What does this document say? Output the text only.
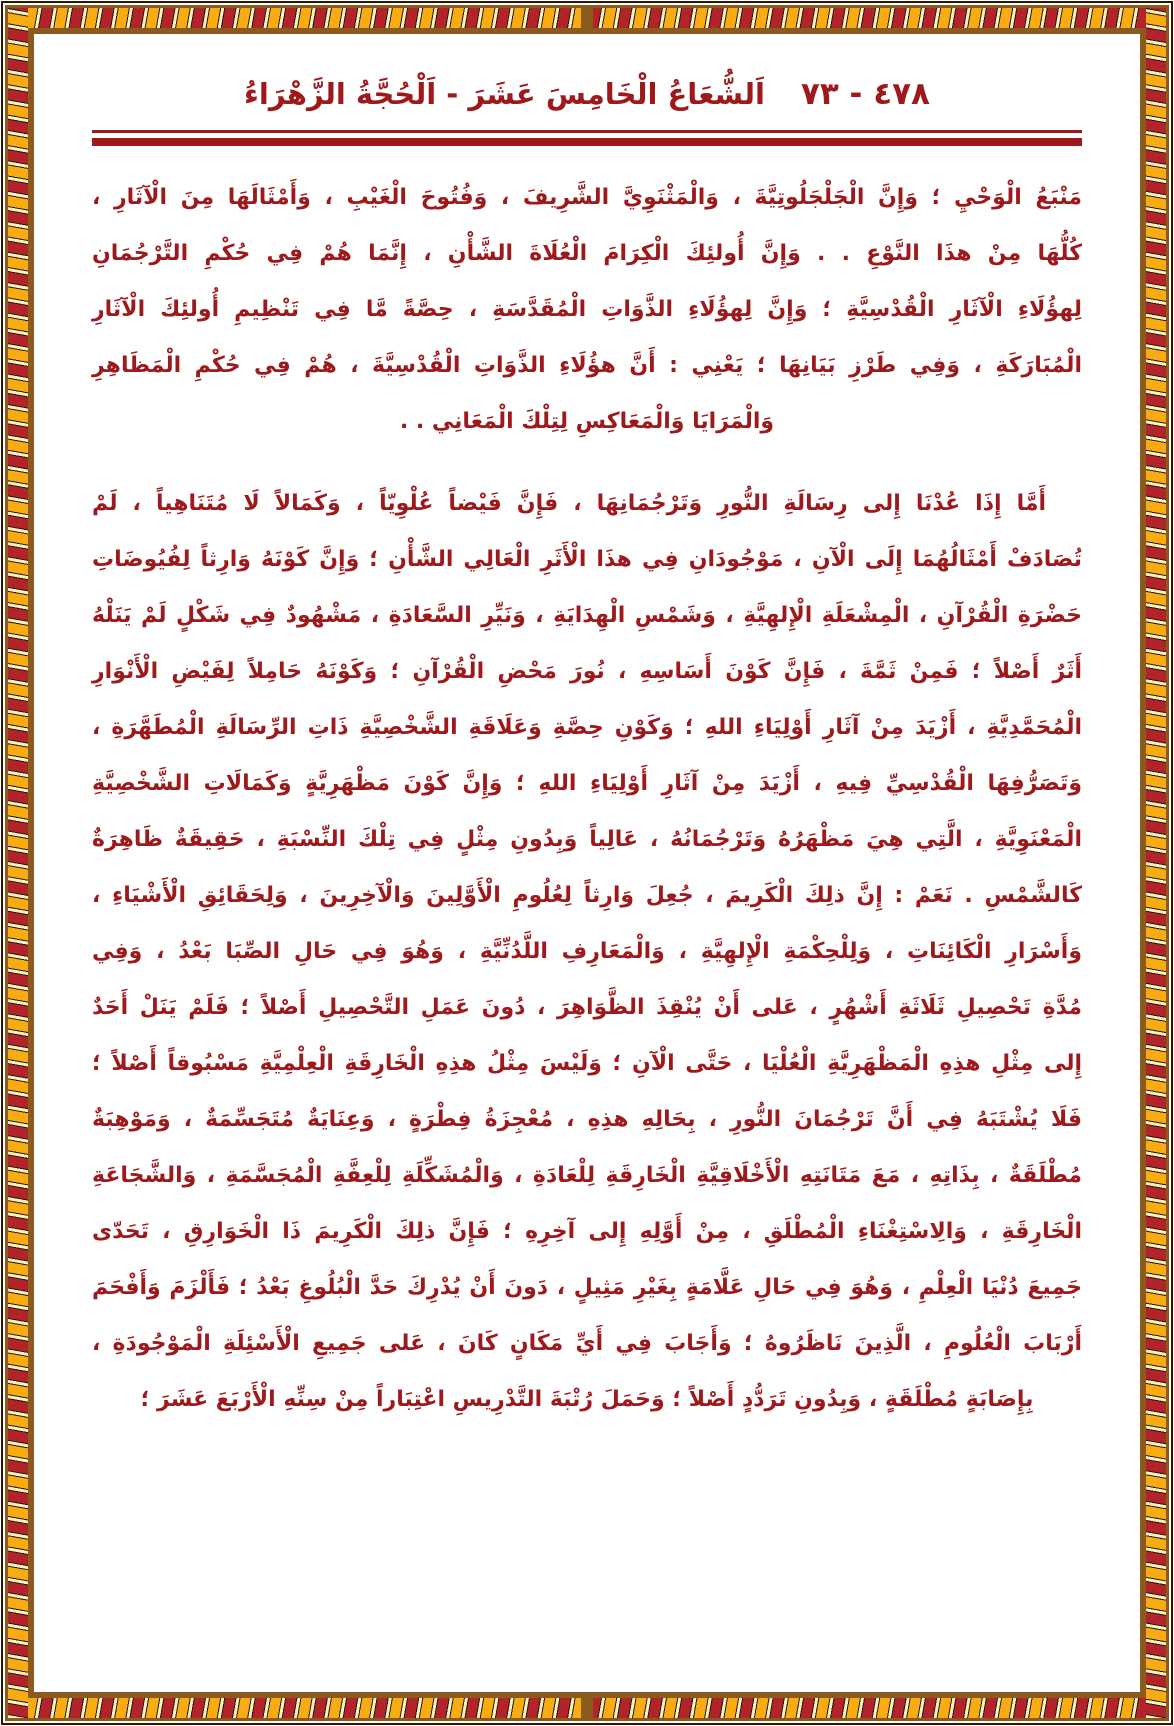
٤٧٨ - ٧٣
اَلشُّعَاعُ الْخَامِسَ عَشَرَ - اَلْحُجَّةُ الزَّهْرَاءُ
مَنْبَعُ الْوَحْيِ ؛ وَإِنَّ الْجَلْجَلُوتِيَّةَ ، وَالْمَثْنَوِيَّ الشَّرِيفَ ، وَفُتُوحَ الْغَيْبِ ، وَأَمْثَالَهَا مِنَ الْآثَارِ ،
كُلُّهَا مِنْ هذَا النَّوْعِ . . وَإِنَّ أُولئِكَ الْكِرَامَ الْعُلَاةَ الشَّأْنِ ، إِنَّمَا هُمْ فِي حُكْمِ التَّرْجُمَانِ
لِهؤُلَاءِ الْآثَارِ الْقُدْسِيَّةِ ؛ وَإِنَّ لِهؤُلَاءِ الذَّوَاتِ الْمُقَدَّسَةِ ، حِصَّةً مَّا فِي تَنْظِيمِ أُولئِكَ الْآثَارِ
الْمُبَارَكَةِ ، وَفِي طَرْزِ بَيَانِهَا ؛ يَعْنِي : أَنَّ هؤُلَاءِ الذَّوَاتِ الْقُدْسِيَّةَ ، هُمْ فِي حُكْمِ الْمَظَاهِرِ
وَالْمَرَايَا وَالْمَعَاكِسِ لِتِلْكَ الْمَعَانِي . .
أَمَّا إِذَا عُدْنَا إِلى رِسَالَةِ النُّورِ وَتَرْجُمَانِهَا ، فَإِنَّ فَيْضاً عُلْوِيّاً ، وَكَمَالاً لَا مُتَنَاهِياً ، لَمْ
تُصَادَفْ أَمْثَالُهُمَا إِلَى الْآنِ ، مَوْجُودَانِ فِي هذَا الْأَثَرِ الْعَالِي الشَّأْنِ ؛ وَإِنَّ كَوْنَهُ وَارِثاً لِفُيُوضَاتِ
حَضْرَةِ الْقُرْآنِ ، الْمِشْعَلَةِ الْإِلهِيَّةِ ، وَشَمْسِ الْهِدَايَةِ ، وَنَيِّرِ السَّعَادَةِ ، مَشْهُودٌ فِي شَكْلٍ لَمْ يَنَلْهُ
أَثَرٌ أَصْلاً ؛ فَمِنْ ثَمَّةَ ، فَإِنَّ كَوْنَ أَسَاسِهِ ، نُورَ مَحْضِ الْقُرْآنِ ؛ وَكَوْنَهُ حَامِلاً لِفَيْضِ الْأَنْوَارِ
الْمُحَمَّدِيَّةِ ، أَزْيَدَ مِنْ آثَارِ أَوْلِيَاءِ اللهِ ؛ وَكَوْنِ حِصَّةِ وَعَلَاقَةِ الشَّخْصِيَّةِ ذَاتِ الرِّسَالَةِ الْمُطَهَّرَةِ ،
وَتَصَرُّفِهَا الْقُدْسِيِّ فِيهِ ، أَزْيَدَ مِنْ آثَارِ أَوْلِيَاءِ اللهِ ؛ وَإِنَّ كَوْنَ مَظْهَرِيَّةٍ وَكَمَالَاتِ الشَّخْصِيَّةِ
الْمَعْنَوِيَّةِ ، الَّتِي هِيَ مَظْهَرُهُ وَتَرْجُمَانُهُ ، عَالِياً وَبِدُونِ مِثْلٍ فِي تِلْكَ النِّسْبَةِ ، حَقِيقَةٌ ظَاهِرَةٌ
كَالشَّمْسِ . نَعَمْ : إِنَّ ذلِكَ الْكَرِيمَ ، جُعِلَ وَارِثاً لِعُلُومِ الْأَوَّلِينَ وَالْآخِرِينَ ، وَلِحَقَائِقِ الْأَشْيَاءِ ،
وَأَسْرَارِ الْكَائِنَاتِ ، وَلِلْحِكْمَةِ الْإِلهِيَّةِ ، وَالْمَعَارِفِ اللَّدُنِّيَّةِ ، وَهُوَ فِي حَالِ الصِّبَا بَعْدُ ، وَفِي
مُدَّةِ تَحْصِيلِ ثَلَاثَةِ أَشْهُرٍ ، عَلى أَنْ يُنْقِذَ الظَّوَاهِرَ ، دُونَ عَمَلِ التَّحْصِيلِ أَصْلاً ؛ فَلَمْ يَنَلْ أَحَدٌ
إِلى مِثْلِ هذِهِ الْمَظْهَرِيَّةِ الْعُلْيَا ، حَتَّى الْآنِ ؛ وَلَيْسَ مِثْلُ هذِهِ الْخَارِقَةِ الْعِلْمِيَّةِ مَسْبُوقاً أَصْلاً ؛
فَلَا يُشْتَبَهُ فِي أَنَّ تَرْجُمَانَ النُّورِ ، بِحَالِهِ هذِهِ ، مُعْجِزَةُ فِطْرَةٍ ، وَعِنَايَةٌ مُتَجَسِّمَةٌ ، وَمَوْهِبَةٌ
مُطْلَقَةٌ ، بِذَاتِهِ ، مَعَ مَتَانَتِهِ الْأَخْلَاقِيَّةِ الْخَارِقَةِ لِلْعَادَةِ ، وَالْمُشَكِّلَةِ لِلْعِفَّةِ الْمُجَسَّمَةِ ، وَالشَّجَاعَةِ
الْخَارِقَةِ ، وَالِاسْتِغْنَاءِ الْمُطْلَقِ ، مِنْ أَوَّلِهِ إِلى آخِرِهِ ؛ فَإِنَّ ذلِكَ الْكَرِيمَ ذَا الْخَوَارِقِ ، تَحَدّى
جَمِيعَ دُنْيَا الْعِلْمِ ، وَهُوَ فِي حَالِ عَلَّامَةٍ بِغَيْرِ مَثِيلٍ ، دَونَ أَنْ يُدْرِكَ حَدَّ الْبُلُوغِ بَعْدُ ؛ فَأَلْزَمَ وَأَفْحَمَ
أَرْبَابَ الْعُلُومِ ، الَّذِينَ نَاظَرُوهُ ؛ وَأَجَابَ فِي أَيِّ مَكَانٍ كَانَ ، عَلى جَمِيعِ الْأَسْئِلَةِ الْمَوْجُودَةِ ،
بِإِصَابَةٍ مُطْلَقَةٍ ، وَبِدُونِ تَرَدُّدٍ أَصْلاً ؛ وَحَمَلَ رُتْبَةَ التَّدْرِيسِ اعْتِبَاراً مِنْ سِنِّهِ الْأَرْبَعَ عَشَرَ ؛
